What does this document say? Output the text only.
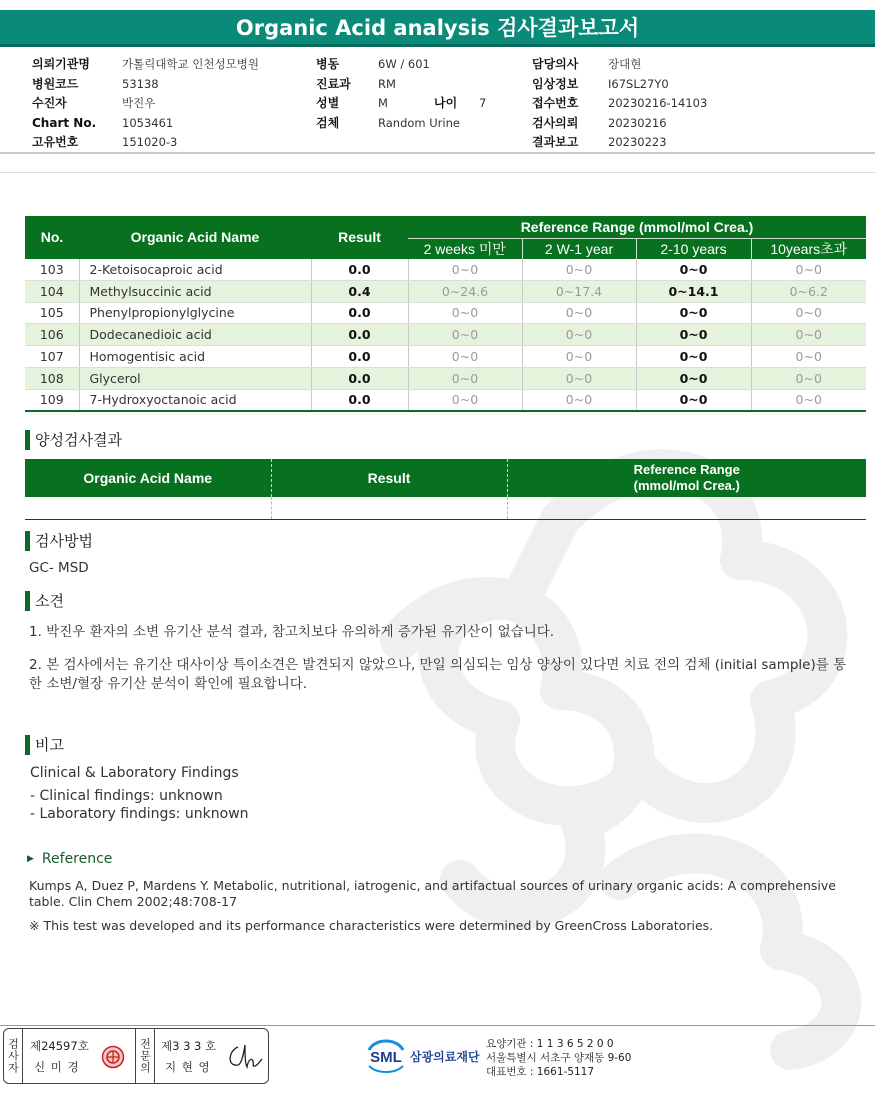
Organic Acid analysis 검사결과보고서
의뢰기관명	가톨릭대학교 인천성모병원
병원코드	53138
수진자	박진우
Chart No.	1053461
고유번호	151020-3
병동	6W / 601
진료과	RM
성별	M	나이	7
검체	Random Urine
담당의사	장대현
임상정보	I67SL27Y0
접수번호	20230216-14103
검사의뢰	20230216
결과보고	20230223
No.	Organic Acid Name	Result	Reference Range (mmol/mol Crea.)			
			2 weeks 미만	2 W-1 year	2-10 years	10years초과
103	2-Ketoisocaproic acid	0.0	0~0	0~0	0~0	0~0
104	Methylsuccinic acid	0.4	0~24.6	0~17.4	0~14.1	0~6.2
105	Phenylpropionylglycine	0.0	0~0	0~0	0~0	0~0
106	Dodecanedioic acid	0.0	0~0	0~0	0~0	0~0
107	Homogentisic acid	0.0	0~0	0~0	0~0	0~0
108	Glycerol	0.0	0~0	0~0	0~0	0~0
109	7-Hydroxyoctanoic acid	0.0	0~0	0~0	0~0	0~0
양성검사결과
Organic Acid Name	Result	Reference Range
(mmol/mol Crea.)

검사방법
GC- MSD
소견
1. 박진우 환자의 소변 유기산 분석 결과, 참고치보다 유의하게 증가된 유기산이 없습니다.
2. 본 검사에서는 유기산 대사이상 특이소견은 발견되지 않았으나, 만일 의심되는 임상 양상이 있다면 치료 전의 검체 (initial sample)를 통한 소변/혈장 유기산 분석이 확인에 필요합니다.
비고
Clinical & Laboratory Findings
- Clinical findings: unknown
- Laboratory findings: unknown
▶ Reference
Kumps A, Duez P, Mardens Y. Metabolic, nutritional, iatrogenic, and artifactual sources of urinary organic acids: A comprehensive table. Clin Chem 2002;48:708-17
※ This test was developed and its performance characteristics were determined by GreenCross Laboratories.
검사자 제24597호
신 미 경	전문의 제3 3 3 호
지 현 영
SML 삼광의료재단
요양기관 : 1 1 3 6 5 2 0 0
서울특별시 서초구 양재동 9-60
대표번호 : 1661-5117
